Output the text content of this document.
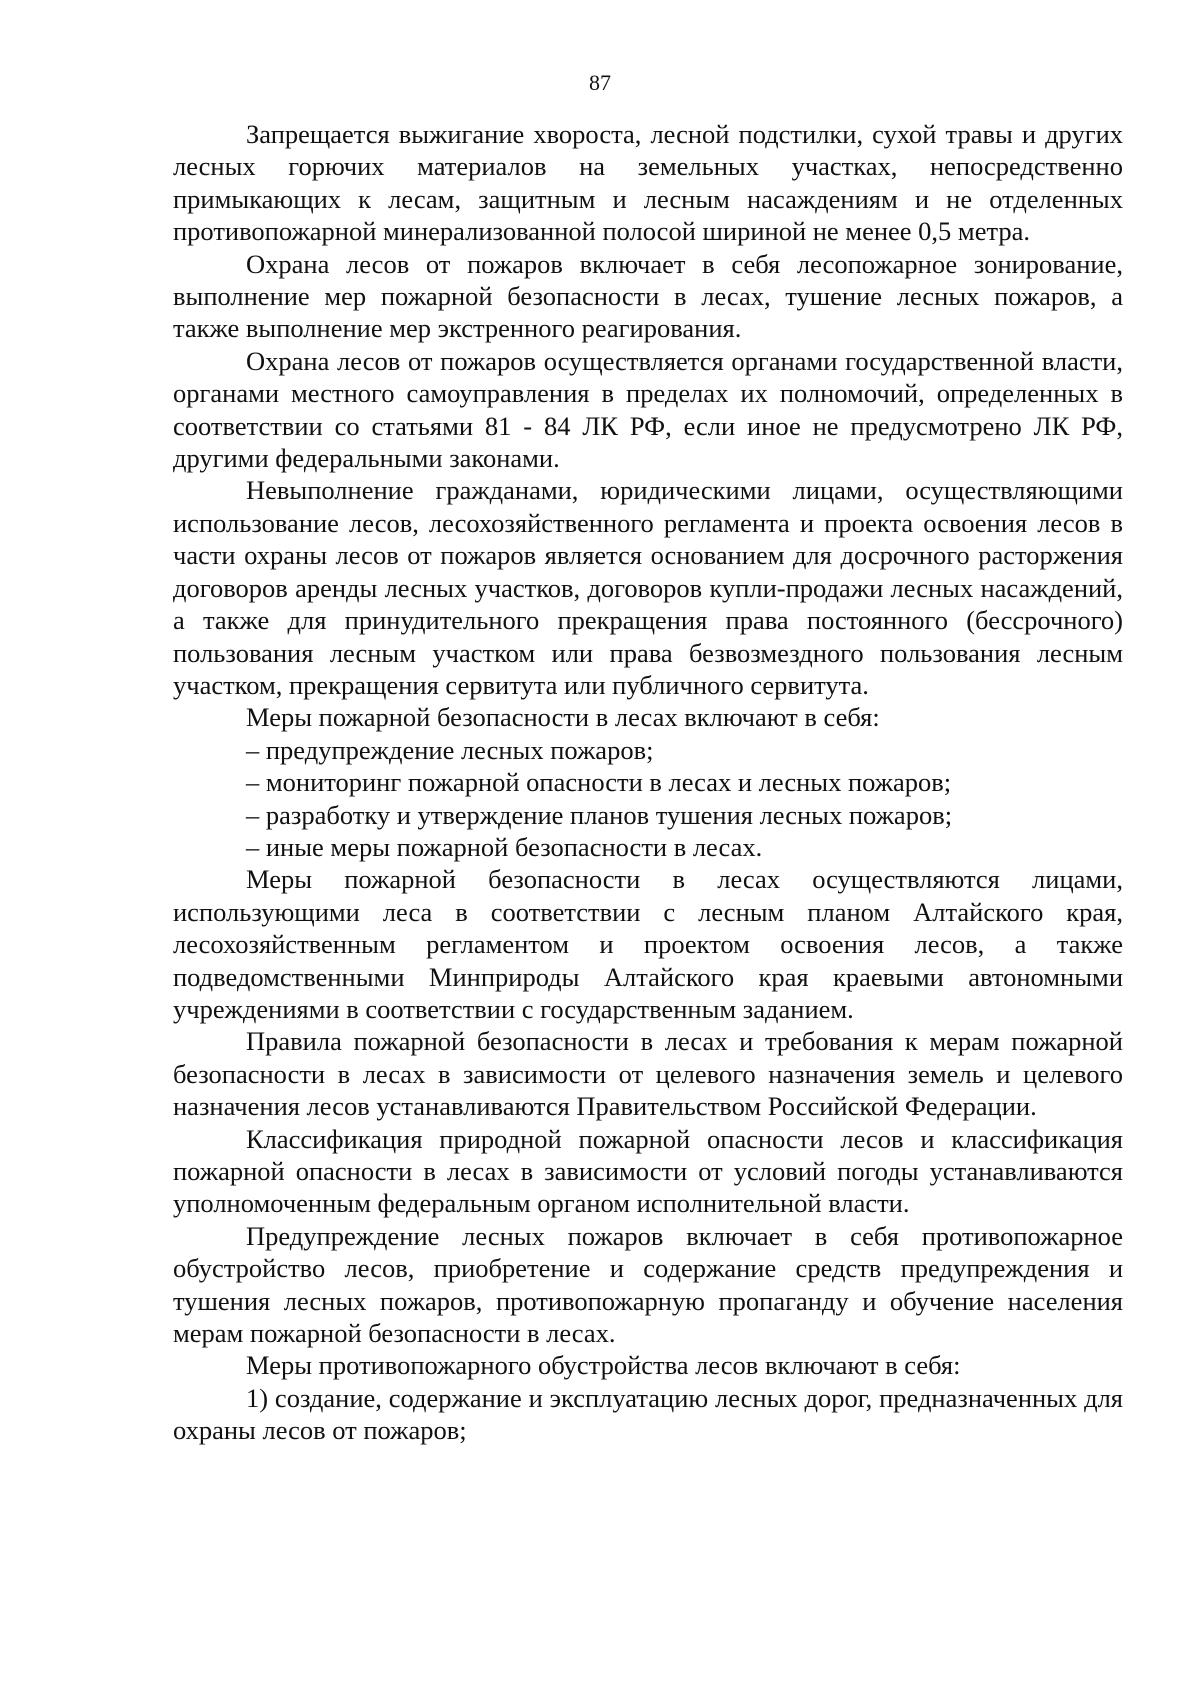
87

Запрещается выжигание хвороста, лесной подстилки, сухой травы и других лесных горючих материалов на земельных участках, непосредственно примыкающих к лесам, защитным и лесным насаждениям и не отделенных противопожарной минерализованной полосой шириной не менее 0,5 метра.

Охрана лесов от пожаров включает в себя лесопожарное зонирование, выполнение мер пожарной безопасности в лесах, тушение лесных пожаров, а также выполнение мер экстренного реагирования.

Охрана лесов от пожаров осуществляется органами государственной власти, органами местного самоуправления в пределах их полномочий, определенных в соответствии со статьями 81 - 84 ЛК РФ, если иное не предусмотрено ЛК РФ, другими федеральными законами.

Невыполнение гражданами, юридическими лицами, осуществляющими использование лесов, лесохозяйственного регламента и проекта освоения лесов в части охраны лесов от пожаров является основанием для досрочного расторжения договоров аренды лесных участков, договоров купли-продажи лесных насаждений, а также для принудительного прекращения права постоянного (бессрочного) пользования лесным участком или права безвозмездного пользования лесным участком, прекращения сервитута или публичного сервитута.

Меры пожарной безопасности в лесах включают в себя:

– предупреждение лесных пожаров;

– мониторинг пожарной опасности в лесах и лесных пожаров;

– разработку и утверждение планов тушения лесных пожаров;

– иные меры пожарной безопасности в лесах.

Меры пожарной безопасности в лесах осуществляются лицами, использующими леса в соответствии с лесным планом Алтайского края, лесохозяйственным регламентом и проектом освоения лесов, а также подведомственными Минприроды Алтайского края краевыми автономными учреждениями в соответствии с государственным заданием.

Правила пожарной безопасности в лесах и требования к мерам пожарной безопасности в лесах в зависимости от целевого назначения земель и целевого назначения лесов устанавливаются Правительством Российской Федерации.

Классификация природной пожарной опасности лесов и классификация пожарной опасности в лесах в зависимости от условий погоды устанавливаются уполномоченным федеральным органом исполнительной власти.

Предупреждение лесных пожаров включает в себя противопожарное обустройство лесов, приобретение и содержание средств предупреждения и тушения лесных пожаров, противопожарную пропаганду и обучение населения мерам пожарной безопасности в лесах.

Меры противопожарного обустройства лесов включают в себя:

1) создание, содержание и эксплуатацию лесных дорог, предназначенных для охраны лесов от пожаров;
